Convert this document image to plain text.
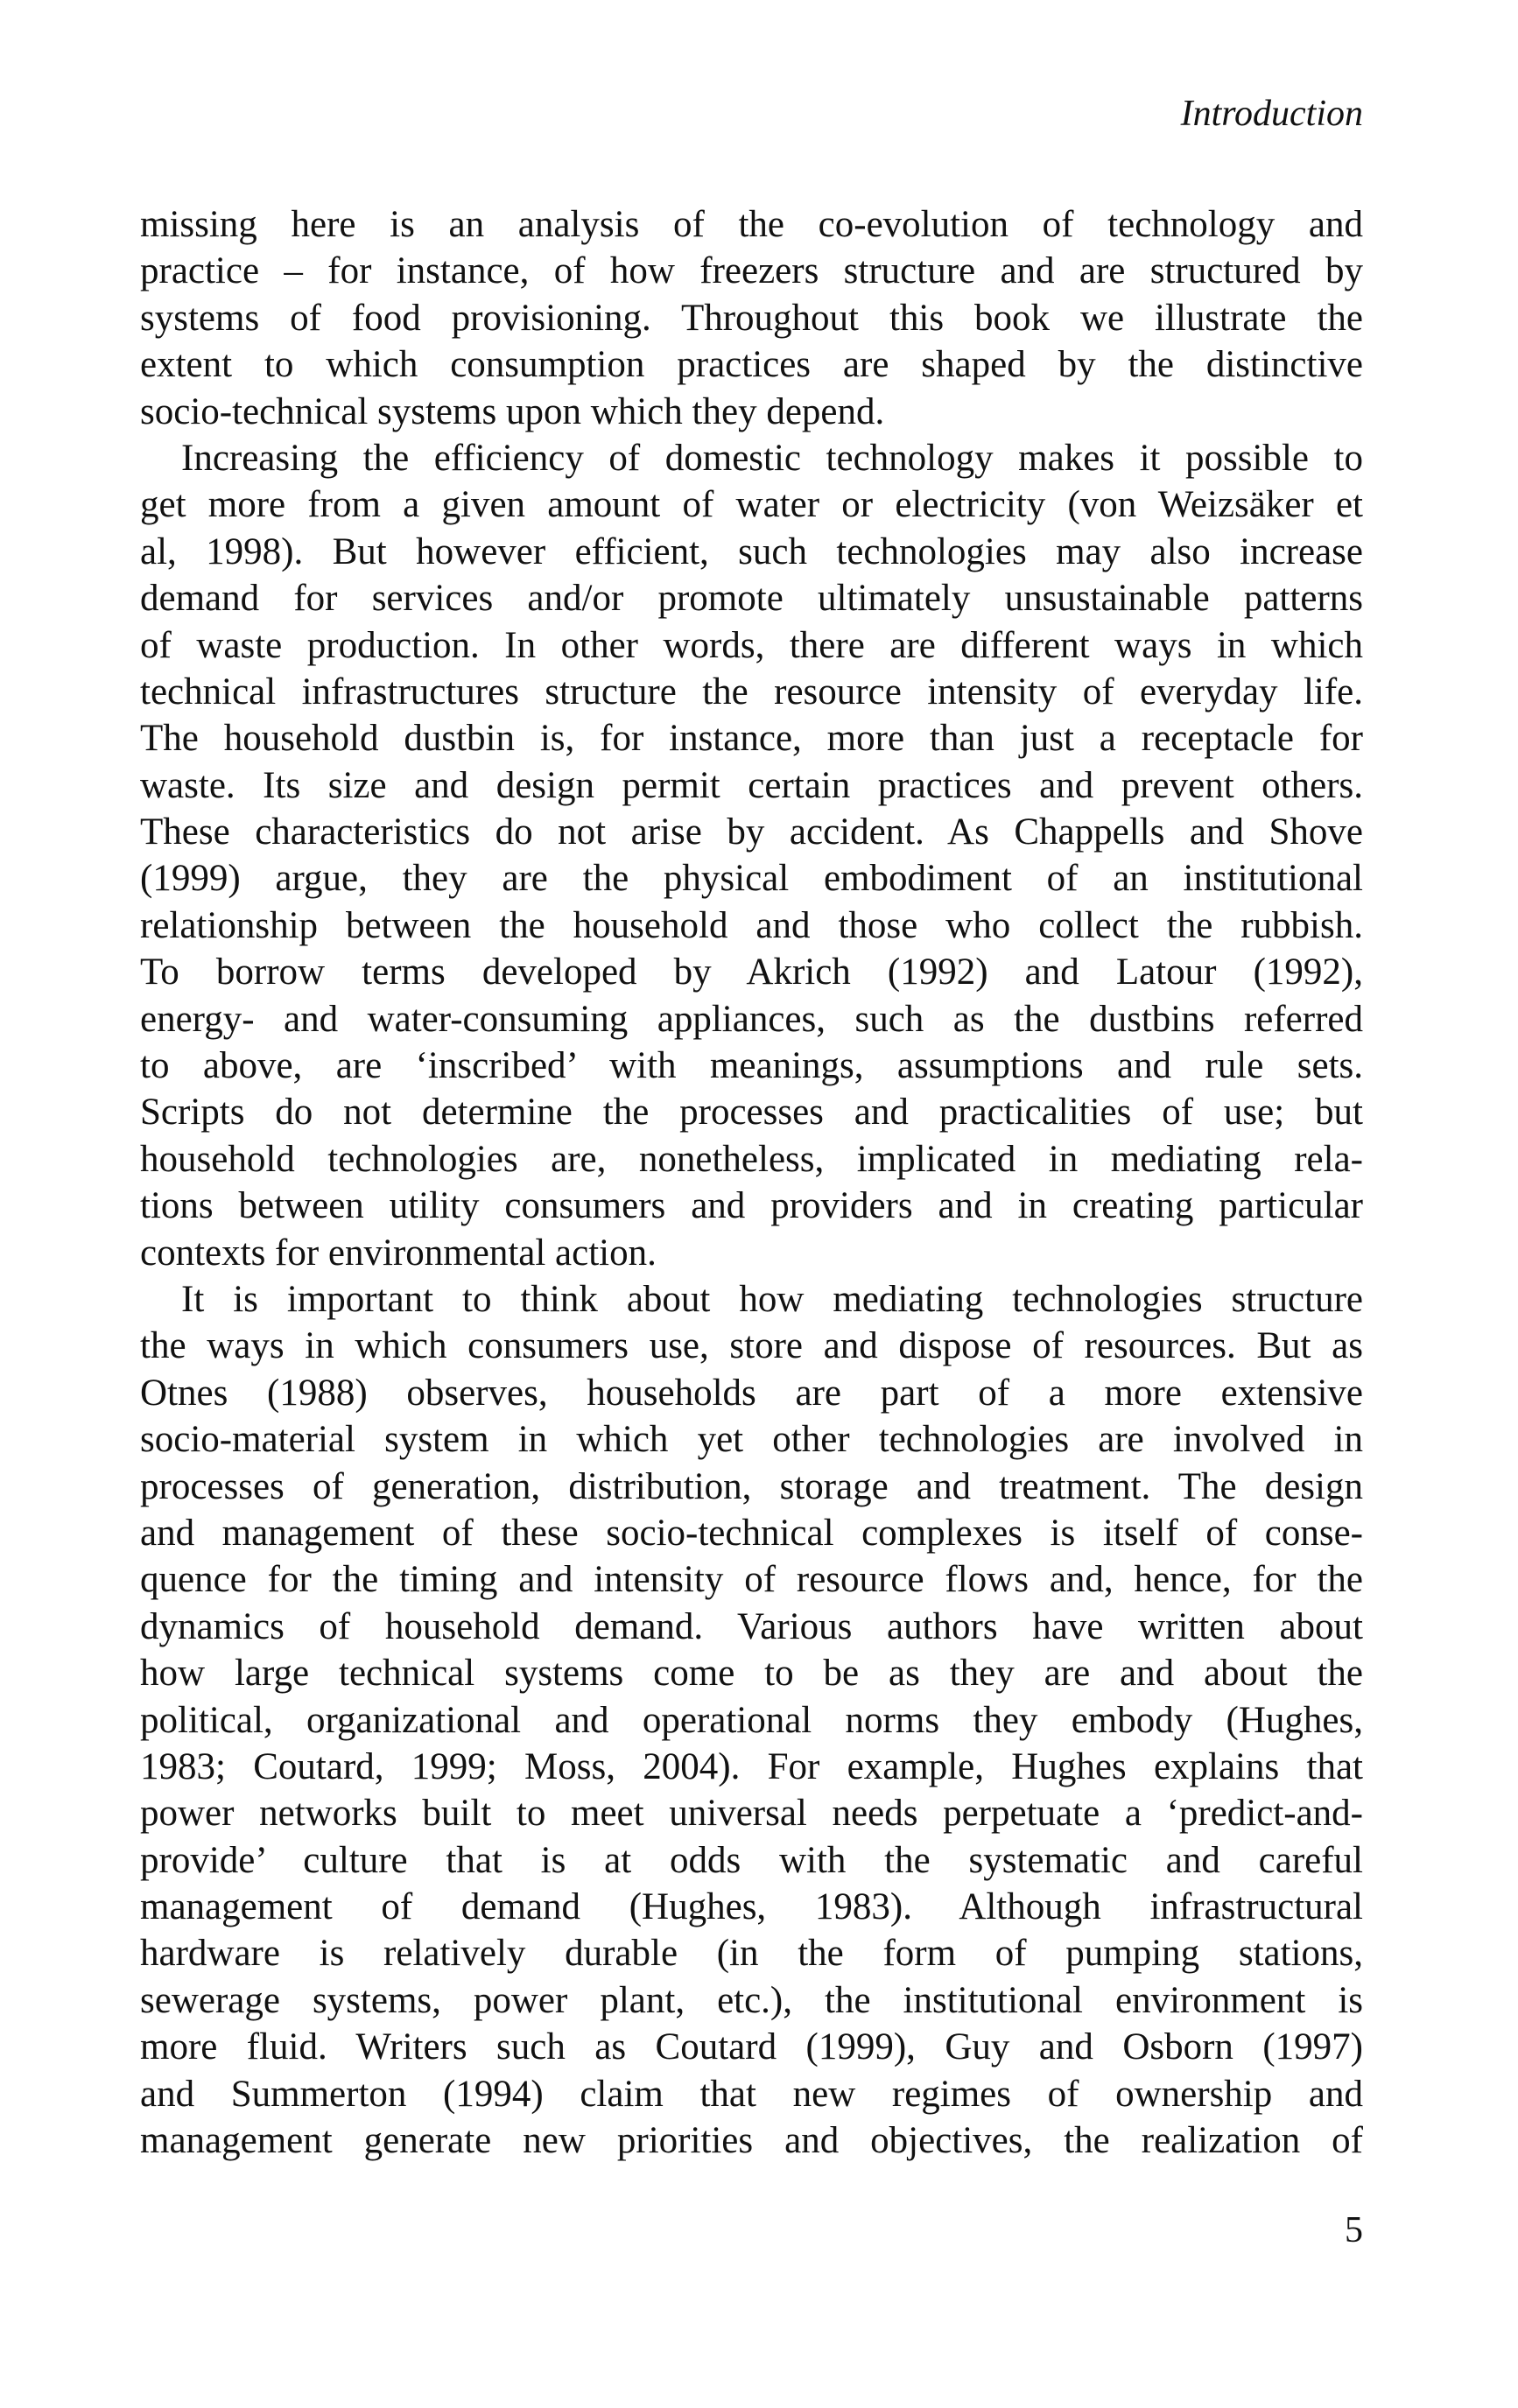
Introduction
missing here is an analysis of the co-evolution of technology and
practice – for instance, of how freezers structure and are structured by
systems of food provisioning. Throughout this book we illustrate the
extent to which consumption practices are shaped by the distinctive
socio-technical systems upon which they depend.
Increasing the efficiency of domestic technology makes it possible to
get more from a given amount of water or electricity (von Weizsäker et
al, 1998). But however efficient, such technologies may also increase
demand for services and/or promote ultimately unsustainable patterns
of waste production. In other words, there are different ways in which
technical infrastructures structure the resource intensity of everyday life.
The household dustbin is, for instance, more than just a receptacle for
waste. Its size and design permit certain practices and prevent others.
These characteristics do not arise by accident. As Chappells and Shove
(1999) argue, they are the physical embodiment of an institutional
relationship between the household and those who collect the rubbish.
To borrow terms developed by Akrich (1992) and Latour (1992),
energy- and water-consuming appliances, such as the dustbins referred
to above, are ‘inscribed’ with meanings, assumptions and rule sets.
Scripts do not determine the processes and practicalities of use; but
household technologies are, nonetheless, implicated in mediating rela-
tions between utility consumers and providers and in creating particular
contexts for environmental action.
It is important to think about how mediating technologies structure
the ways in which consumers use, store and dispose of resources. But as
Otnes (1988) observes, households are part of a more extensive
socio-material system in which yet other technologies are involved in
processes of generation, distribution, storage and treatment. The design
and management of these socio-technical complexes is itself of conse-
quence for the timing and intensity of resource flows and, hence, for the
dynamics of household demand. Various authors have written about
how large technical systems come to be as they are and about the
political, organizational and operational norms they embody (Hughes,
1983; Coutard, 1999; Moss, 2004). For example, Hughes explains that
power networks built to meet universal needs perpetuate a ‘predict-and-
provide’ culture that is at odds with the systematic and careful
management of demand (Hughes, 1983). Although infrastructural
hardware is relatively durable (in the form of pumping stations,
sewerage systems, power plant, etc.), the institutional environment is
more fluid. Writers such as Coutard (1999), Guy and Osborn (1997)
and Summerton (1994) claim that new regimes of ownership and
management generate new priorities and objectives, the realization of
5
